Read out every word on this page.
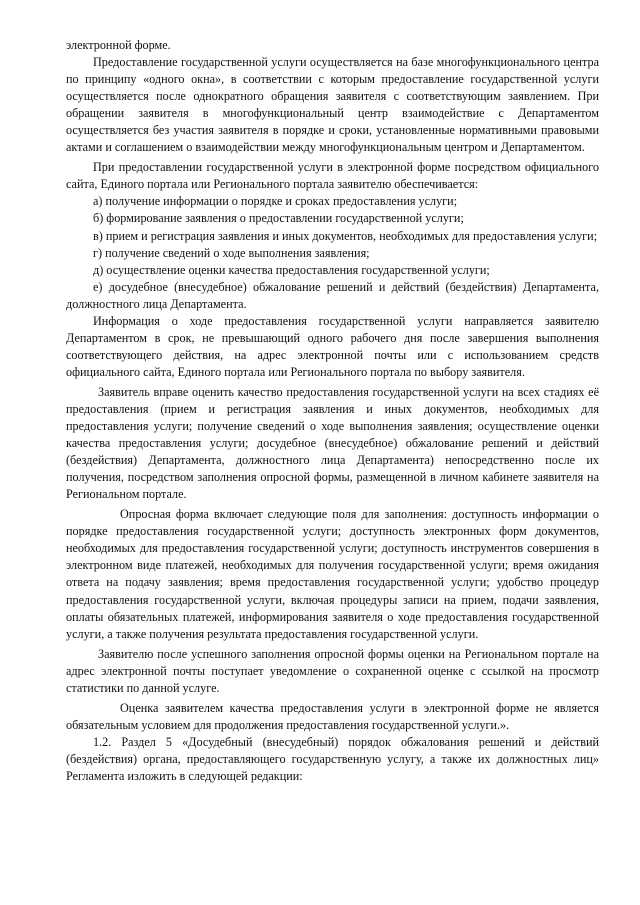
электронной форме.

Предоставление государственной услуги осуществляется на базе многофункционального центра по принципу «одного окна», в соответствии с которым предоставление государственной услуги осуществляется после однократного обращения заявителя с соответствующим заявлением. При обращении заявителя в многофункциональный центр взаимодействие с Департаментом осуществляется без участия заявителя в порядке и сроки, установленные нормативными правовыми актами и соглашением о взаимодействии между многофункциональным центром и Департаментом.

При предоставлении государственной услуги в электронной форме посредством официального сайта, Единого портала или Регионального портала заявителю обеспечивается:

а) получение информации о порядке и сроках предоставления услуги;

б) формирование заявления о предоставлении государственной услуги;

в) прием и регистрация заявления и иных документов, необходимых для предоставления услуги;

г) получение сведений о ходе выполнения заявления;

д) осуществление оценки качества предоставления государственной услуги;

е) досудебное (внесудебное) обжалование решений и действий (бездействия) Департамента, должностного лица Департамента.

Информация о ходе предоставления государственной услуги направляется заявителю Департаментом в срок, не превышающий одного рабочего дня после завершения выполнения соответствующего действия, на адрес электронной почты или с использованием средств официального сайта, Единого портала или Регионального портала по выбору заявителя.

Заявитель вправе оценить качество предоставления государственной услуги на всех стадиях её предоставления (прием и регистрация заявления и иных документов, необходимых для предоставления услуги; получение сведений о ходе выполнения заявления; осуществление оценки качества предоставления услуги; досудебное (внесудебное) обжалование решений и действий (бездействия) Департамента, должностного лица Департамента) непосредственно после их получения, посредством заполнения опросной формы, размещенной в личном кабинете заявителя на Региональном портале.

Опросная форма включает следующие поля для заполнения: доступность информации о порядке предоставления государственной услуги; доступность электронных форм документов, необходимых для предоставления государственной услуги; доступность инструментов совершения в электронном виде платежей, необходимых для получения государственной услуги; время ожидания ответа на подачу заявления; время предоставления государственной услуги; удобство процедур предоставления государственной услуги, включая процедуры записи на прием, подачи заявления, оплаты обязательных платежей, информирования заявителя о ходе предоставления государственной услуги, а также получения результата предоставления государственной услуги.

Заявителю после успешного заполнения опросной формы оценки на Региональном портале на адрес электронной почты поступает уведомление о сохраненной оценке с ссылкой на просмотр статистики по данной услуге.

Оценка заявителем качества предоставления услуги в электронной форме не является обязательным условием для продолжения предоставления государственной услуги.».

1.2. Раздел 5 «Досудебный (внесудебный) порядок обжалования решений и действий (бездействия) органа, предоставляющего государственную услугу, а также их должностных лиц» Регламента изложить в следующей редакции:
